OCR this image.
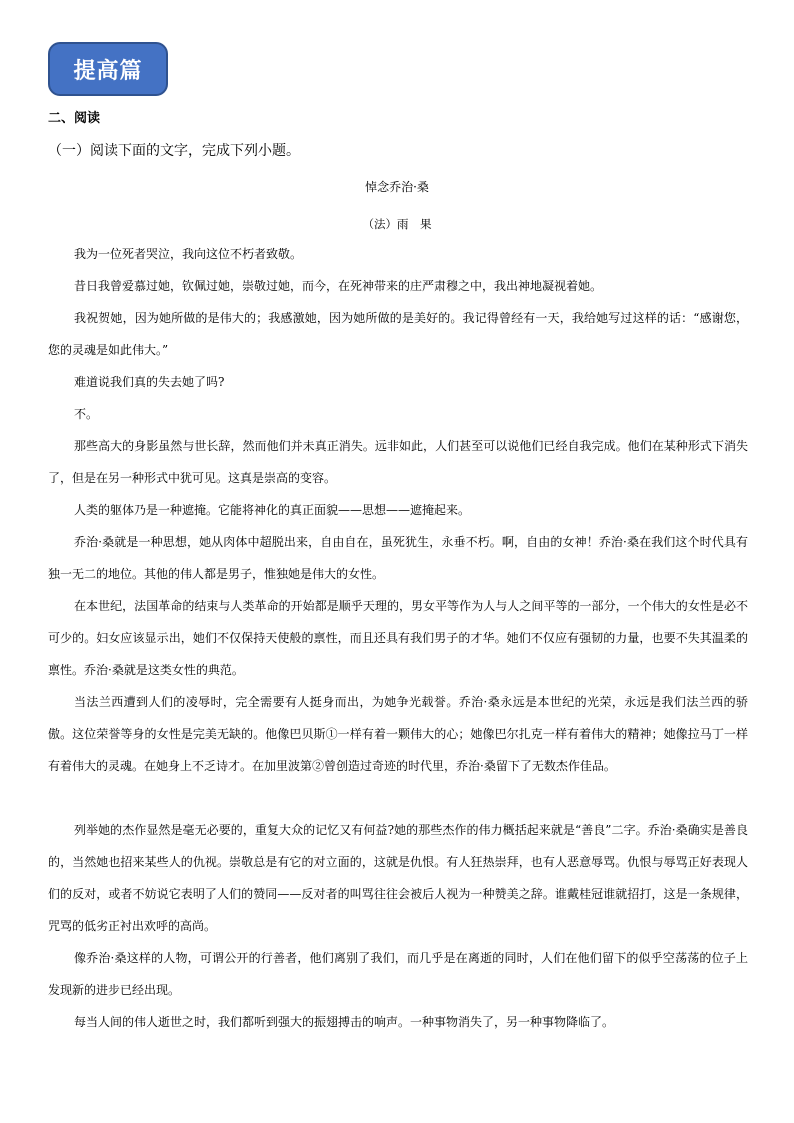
提高篇
二、阅读
（一）阅读下面的文字，完成下列小题。
悼念乔治·桑
（法）雨　果

我为一位死者哭泣，我向这位不朽者致敬。

昔日我曾爱慕过她，钦佩过她，崇敬过她，而今，在死神带来的庄严肃穆之中，我出神地凝视着她。

我祝贺她，因为她所做的是伟大的；我感激她，因为她所做的是美好的。我记得曾经有一天，我给她写过这样的话：“感谢您，您的灵魂是如此伟大。”

难道说我们真的失去她了吗?

不。

那些高大的身影虽然与世长辞，然而他们并未真正消失。远非如此，人们甚至可以说他们已经自我完成。他们在某种形式下消失了，但是在另一种形式中犹可见。这真是崇高的变容。

人类的躯体乃是一种遮掩。它能将神化的真正面貌——思想——遮掩起来。

乔治·桑就是一种思想，她从肉体中超脱出来，自由自在，虽死犹生，永垂不朽。啊，自由的女神！乔治·桑在我们这个时代具有独一无二的地位。其他的伟人都是男子，惟独她是伟大的女性。

在本世纪，法国革命的结束与人类革命的开始都是顺乎天理的，男女平等作为人与人之间平等的一部分，一个伟大的女性是必不可少的。妇女应该显示出，她们不仅保持天使般的禀性，而且还具有我们男子的才华。她们不仅应有强韧的力量，也要不失其温柔的禀性。乔治·桑就是这类女性的典范。

当法兰西遭到人们的凌辱时，完全需要有人挺身而出，为她争光载誉。乔治·桑永远是本世纪的光荣，永远是我们法兰西的骄傲。这位荣誉等身的女性是完美无缺的。他像巴贝斯①一样有着一颗伟大的心；她像巴尔扎克一样有着伟大的精神；她像拉马丁一样有着伟大的灵魂。在她身上不乏诗才。在加里波第②曾创造过奇迹的时代里，乔治·桑留下了无数杰作佳品。

列举她的杰作显然是毫无必要的，重复大众的记忆又有何益?她的那些杰作的伟力概括起来就是“善良”二字。乔治·桑确实是善良的，当然她也招来某些人的仇视。崇敬总是有它的对立面的，这就是仇恨。有人狂热崇拜，也有人恶意辱骂。仇恨与辱骂正好表现人们的反对，或者不妨说它表明了人们的赞同——反对者的叫骂往往会被后人视为一种赞美之辞。谁戴桂冠谁就招打，这是一条规律，咒骂的低劣正衬出欢呼的高尚。

像乔治·桑这样的人物，可谓公开的行善者，他们离别了我们，而几乎是在离逝的同时，人们在他们留下的似乎空荡荡的位子上发现新的进步已经出现。

每当人间的伟人逝世之时，我们都听到强大的振翅搏击的响声。一种事物消失了，另一种事物降临了。
